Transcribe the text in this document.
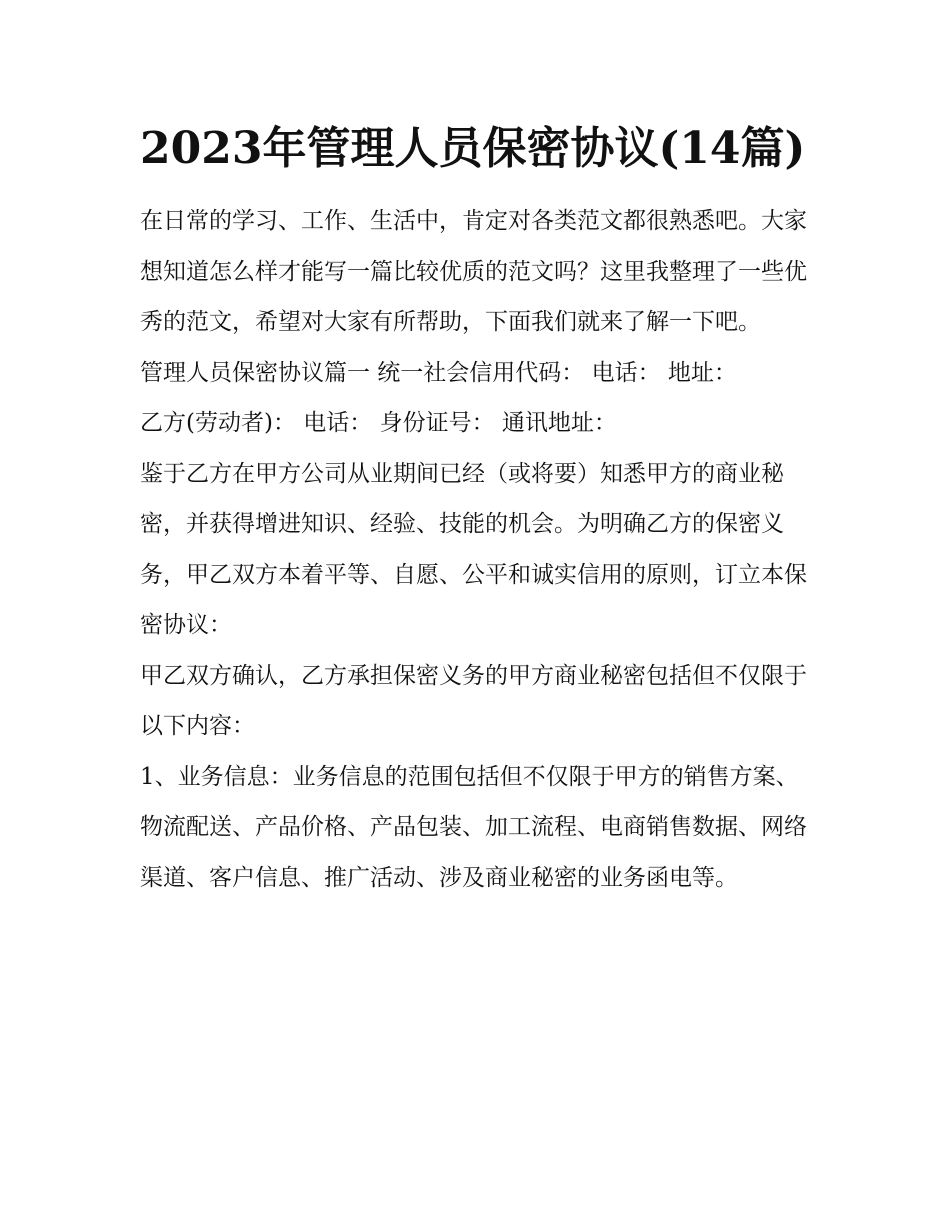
2023年管理人员保密协议(14篇)

在日常的学习、工作、生活中，肯定对各类范文都很熟悉吧。大家想知道怎么样才能写一篇比较优质的范文吗？这里我整理了一些优秀的范文，希望对大家有所帮助，下面我们就来了解一下吧。

管理人员保密协议篇一 统一社会信用代码： 电话： 地址：

乙方(劳动者)： 电话： 身份证号： 通讯地址：

鉴于乙方在甲方公司从业期间已经（或将要）知悉甲方的商业秘密，并获得增进知识、经验、技能的机会。为明确乙方的保密义务，甲乙双方本着平等、自愿、公平和诚实信用的原则，订立本保密协议：

甲乙双方确认，乙方承担保密义务的甲方商业秘密包括但不仅限于以下内容：

1、业务信息：业务信息的范围包括但不仅限于甲方的销售方案、物流配送、产品价格、产品包装、加工流程、电商销售数据、网络渠道、客户信息、推广活动、涉及商业秘密的业务函电等。
